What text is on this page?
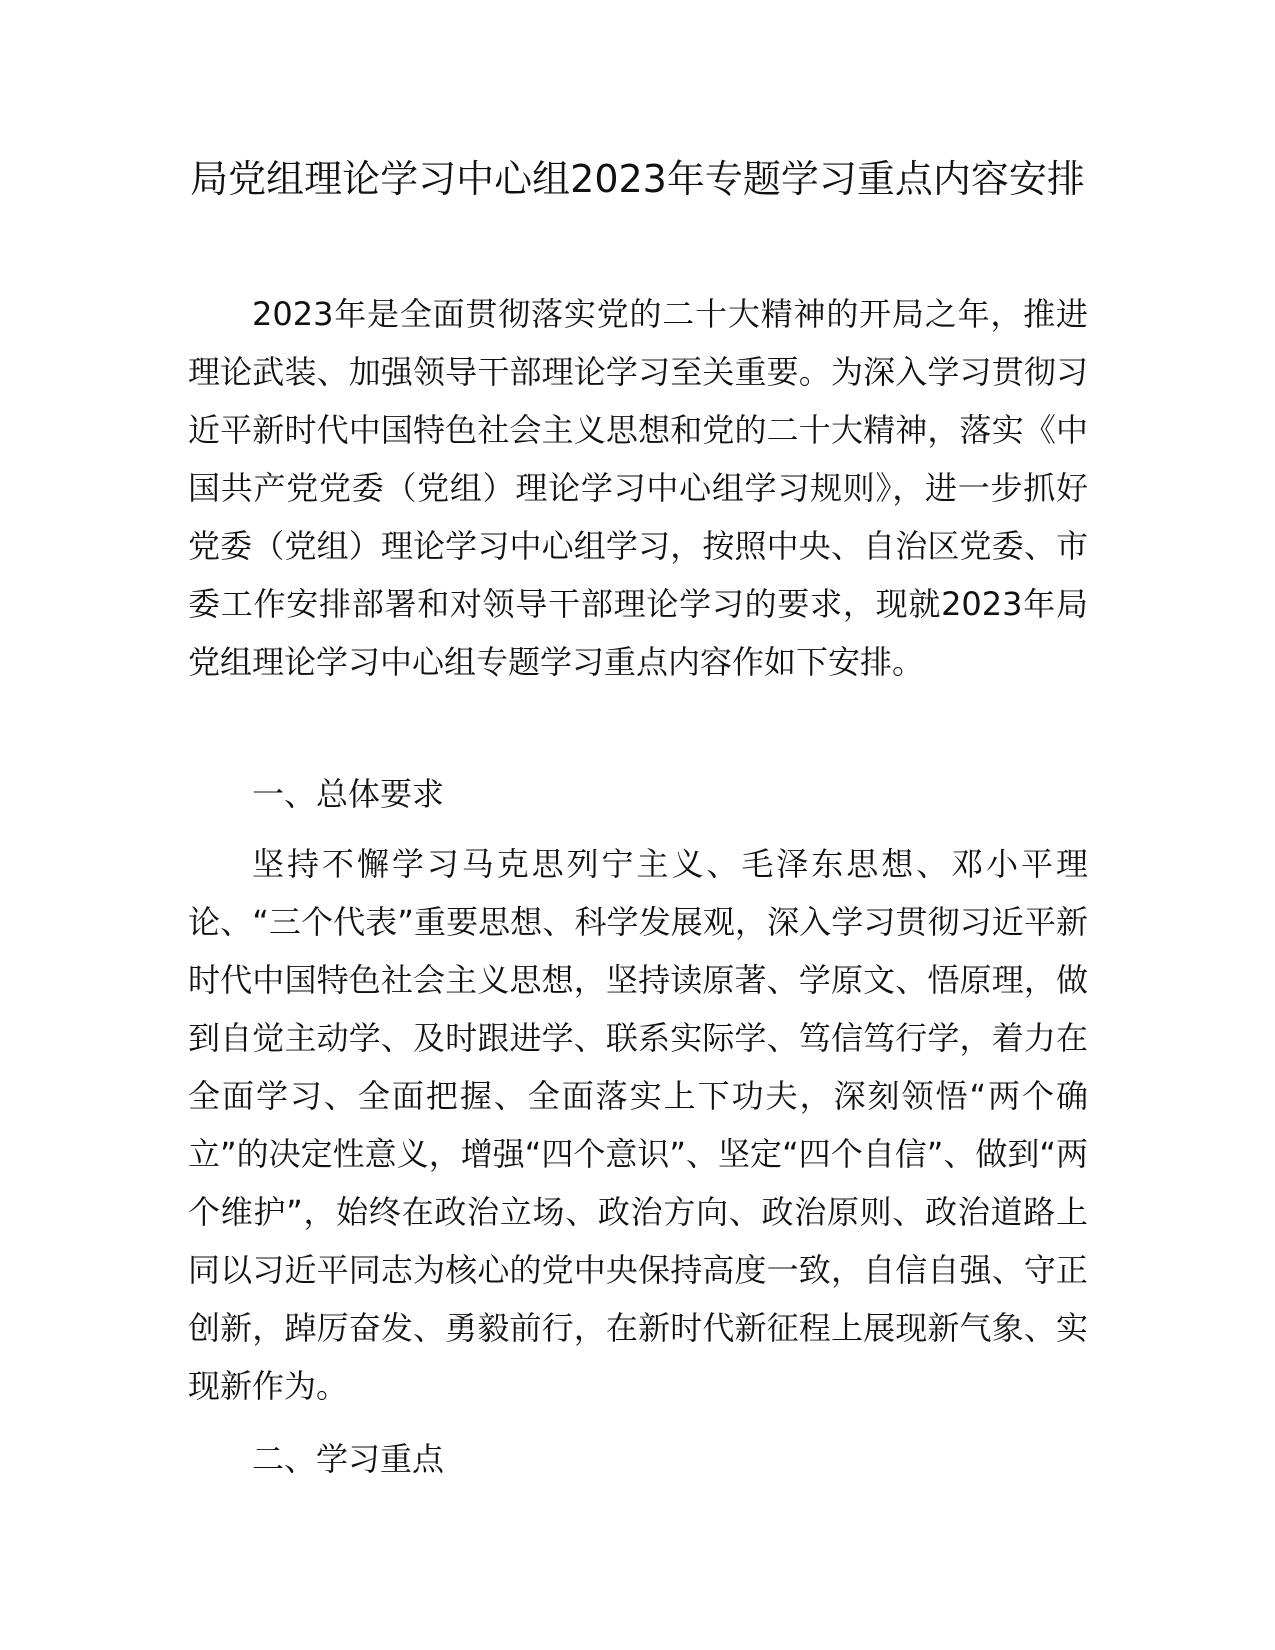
局党组理论学习中心组2023年专题学习重点内容安排

2023年是全面贯彻落实党的二十大精神的开局之年，推进理论武装、加强领导干部理论学习至关重要。为深入学习贯彻习近平新时代中国特色社会主义思想和党的二十大精神，落实《中国共产党党委（党组）理论学习中心组学习规则》，进一步抓好党委（党组）理论学习中心组学习，按照中央、自治区党委、市委工作安排部署和对领导干部理论学习的要求，现就2023年局党组理论学习中心组专题学习重点内容作如下安排。

一、总体要求

坚持不懈学习马克思列宁主义、毛泽东思想、邓小平理论、“三个代表”重要思想、科学发展观，深入学习贯彻习近平新时代中国特色社会主义思想，坚持读原著、学原文、悟原理，做到自觉主动学、及时跟进学、联系实际学、笃信笃行学，着力在全面学习、全面把握、全面落实上下功夫，深刻领悟“两个确立”的决定性意义，增强“四个意识”、坚定“四个自信”、做到“两个维护”，始终在政治立场、政治方向、政治原则、政治道路上同以习近平同志为核心的党中央保持高度一致，自信自强、守正创新，踔厉奋发、勇毅前行，在新时代新征程上展现新气象、实现新作为。

二、学习重点
